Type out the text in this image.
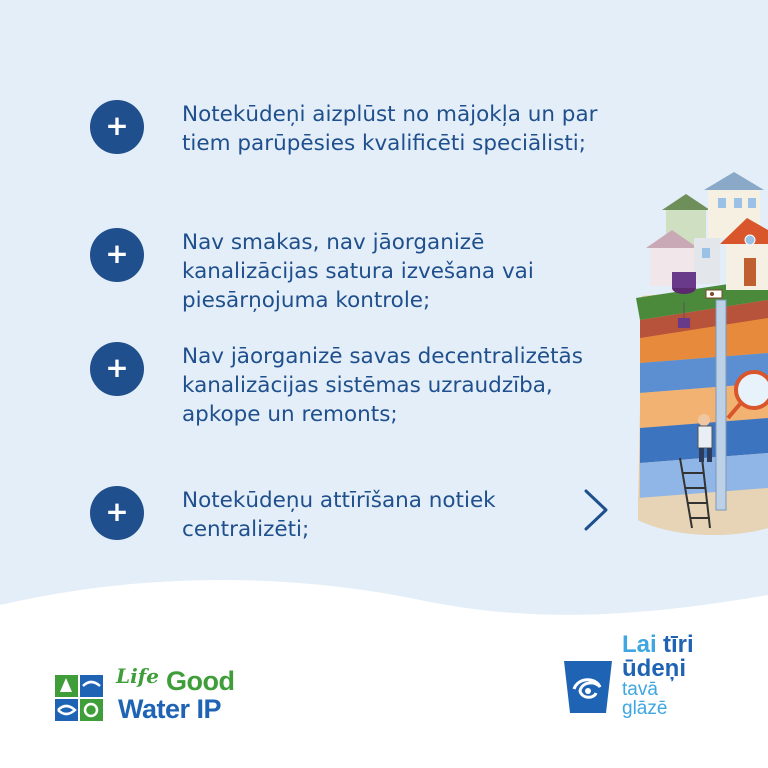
+	Notekūdeņi aizplūst no mājokļa un par tiem parūpēsies kvalificēti speciālisti;
+	Nav smakas, nav jāorganizē kanalizācijas satura izvešana vai piesārņojuma kontrole;
+	Nav jāorganizē savas decentralizētās kanalizācijas sistēmas uzraudzība, apkope un remonts;
+	Notekūdeņu attīrīšana notiek centralizēti;
Life Good
Water IP
Lai tīri
ūdeņi
tavā
glāzē
